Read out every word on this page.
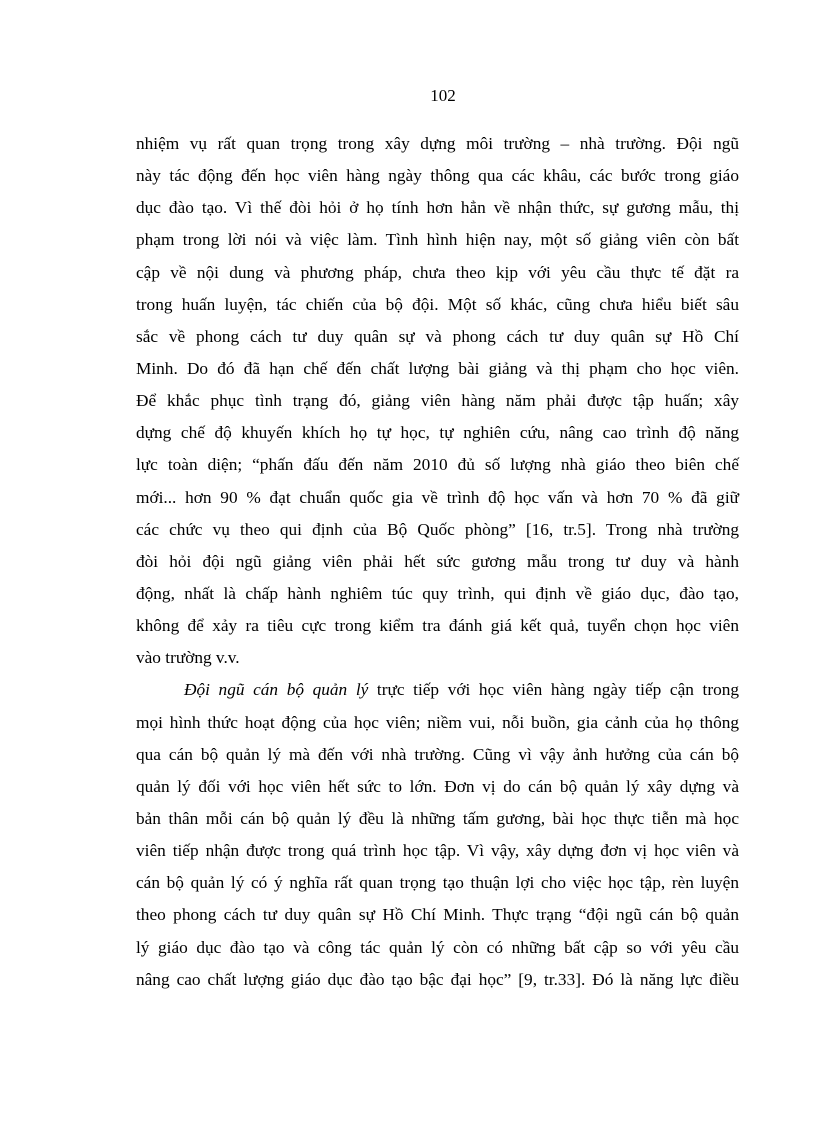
102
nhiệm vụ rất quan trọng trong xây dựng môi trường – nhà trường. Đội ngũ
này tác động đến học viên hàng ngày thông qua các khâu, các bước trong giáo
dục đào tạo. Vì thế đòi hỏi ở họ tính hơn hẳn về nhận thức, sự gương mẫu, thị
phạm trong lời nói và việc làm. Tình hình hiện nay, một số giảng viên còn bất
cập về nội dung và phương pháp, chưa theo kịp với yêu cầu thực tế đặt ra
trong huấn luyện, tác chiến của bộ đội. Một số khác, cũng chưa hiểu biết sâu
sắc về phong cách tư duy quân sự và phong cách tư duy quân sự Hồ Chí
Minh. Do đó đã hạn chế đến chất lượng bài giảng và thị phạm cho học viên.
Để khắc phục tình trạng đó, giảng viên hàng năm phải được tập huấn; xây
dựng chế độ khuyến khích họ tự học, tự nghiên cứu, nâng cao trình độ năng
lực toàn diện; “phấn đấu đến năm 2010 đủ số lượng nhà giáo theo biên chế
mới... hơn 90 % đạt chuẩn quốc gia về trình độ học vấn và hơn 70 % đã giữ
các chức vụ theo qui định của Bộ Quốc phòng” [16, tr.5]. Trong nhà trường
đòi hỏi đội ngũ giảng viên phải hết sức gương mẫu trong tư duy và hành
động, nhất là chấp hành nghiêm túc quy trình, qui định về giáo dục, đào tạo,
không để xảy ra tiêu cực trong kiểm tra đánh giá kết quả, tuyển chọn học viên
vào trường v.v.
Đội ngũ cán bộ quản lý trực tiếp với học viên hàng ngày tiếp cận trong
mọi hình thức hoạt động của học viên; niềm vui, nỗi buồn, gia cảnh của họ thông
qua cán bộ quản lý mà đến với nhà trường. Cũng vì vậy ảnh hưởng của cán bộ
quản lý đối với học viên hết sức to lớn. Đơn vị do cán bộ quản lý xây dựng và
bản thân mỗi cán bộ quản lý đều là những tấm gương, bài học thực tiễn mà học
viên tiếp nhận được trong quá trình học tập. Vì vậy, xây dựng đơn vị học viên và
cán bộ quản lý có ý nghĩa rất quan trọng tạo thuận lợi cho việc học tập, rèn luyện
theo phong cách tư duy quân sự Hồ Chí Minh. Thực trạng “đội ngũ cán bộ quản
lý giáo dục đào tạo và công tác quản lý còn có những bất cập so với yêu cầu
nâng cao chất lượng giáo dục đào tạo bậc đại học” [9, tr.33]. Đó là năng lực điều
